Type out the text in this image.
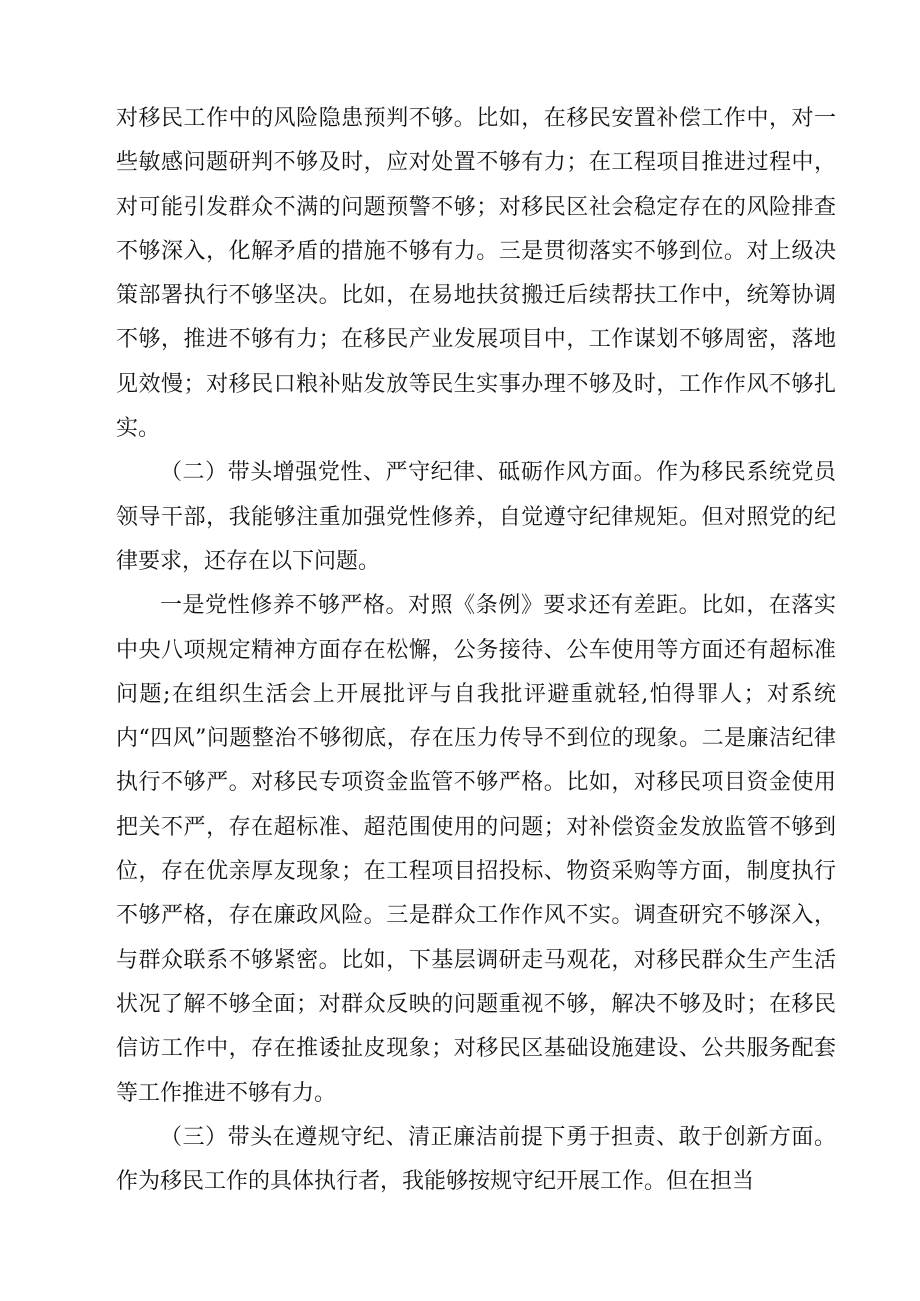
对移民工作中的风险隐患预判不够。比如，在移民安置补偿工作中，对一些敏感问题研判不够及时，应对处置不够有力；在工程项目推进过程中，对可能引发群众不满的问题预警不够；对移民区社会稳定存在的风险排查不够深入，化解矛盾的措施不够有力。三是贯彻落实不够到位。对上级决策部署执行不够坚决。比如，在易地扶贫搬迁后续帮扶工作中，统筹协调不够，推进不够有力；在移民产业发展项目中，工作谋划不够周密，落地见效慢；对移民口粮补贴发放等民生实事办理不够及时，工作作风不够扎实。

（二）带头增强党性、严守纪律、砥砺作风方面。作为移民系统党员领导干部，我能够注重加强党性修养，自觉遵守纪律规矩。但对照党的纪律要求，还存在以下问题。

一是党性修养不够严格。对照《条例》要求还有差距。比如，在落实中央八项规定精神方面存在松懈，公务接待、公车使用等方面还有超标准问题;在组织生活会上开展批评与自我批评避重就轻,怕得罪人；对系统内“四风”问题整治不够彻底，存在压力传导不到位的现象。二是廉洁纪律执行不够严。对移民专项资金监管不够严格。比如，对移民项目资金使用把关不严，存在超标准、超范围使用的问题；对补偿资金发放监管不够到位，存在优亲厚友现象；在工程项目招投标、物资采购等方面，制度执行不够严格，存在廉政风险。三是群众工作作风不实。调查研究不够深入，与群众联系不够紧密。比如，下基层调研走马观花，对移民群众生产生活状况了解不够全面；对群众反映的问题重视不够，解决不够及时；在移民信访工作中，存在推诿扯皮现象；对移民区基础设施建设、公共服务配套等工作推进不够有力。

（三）带头在遵规守纪、清正廉洁前提下勇于担责、敢于创新方面。作为移民工作的具体执行者，我能够按规守纪开展工作。但在担当
